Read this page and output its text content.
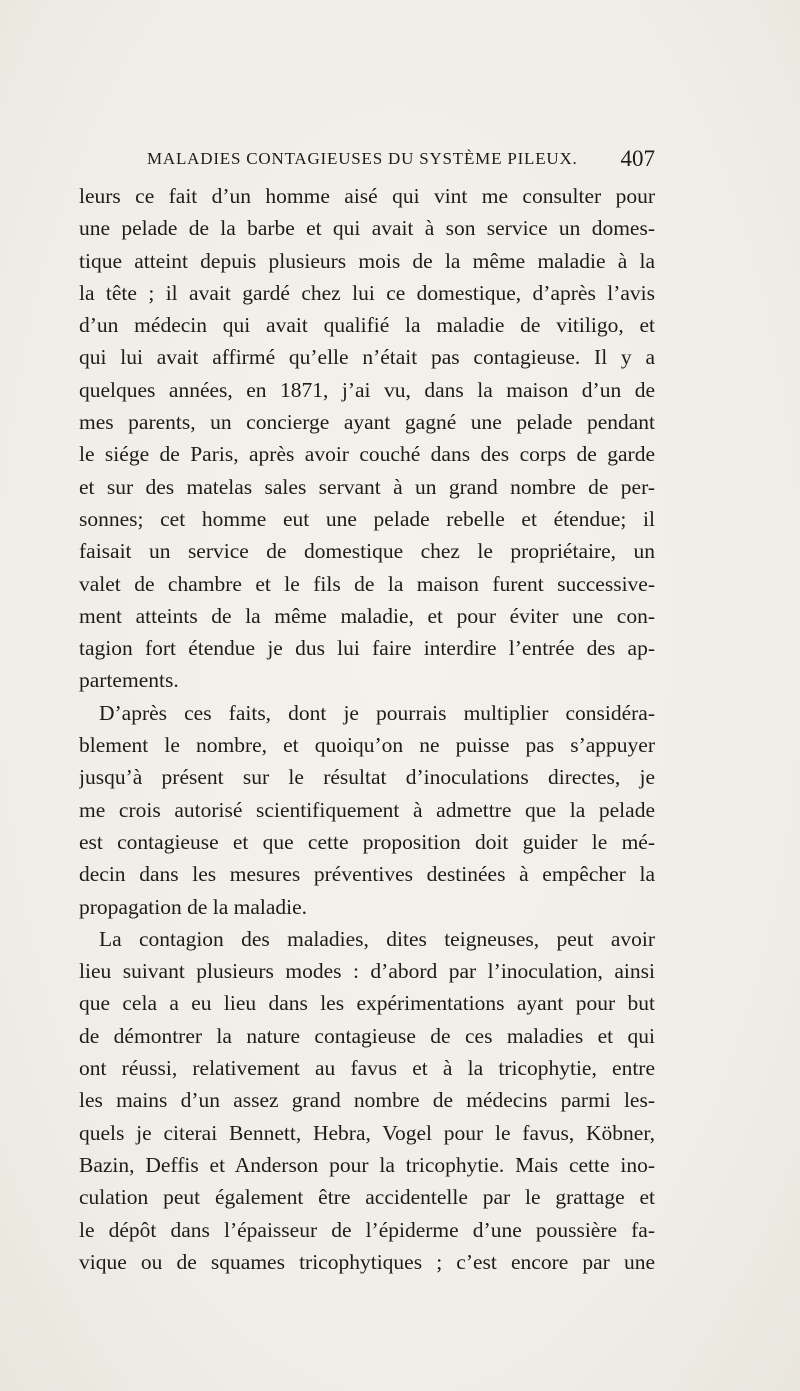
MALADIES CONTAGIEUSES DU SYSTÈME PILEUX. 407
leurs ce fait d’un homme aisé qui vint me consulter pour
une pelade de la barbe et qui avait à son service un domes-
tique atteint depuis plusieurs mois de la même maladie à la
la tête ; il avait gardé chez lui ce domestique, d’après l’avis
d’un médecin qui avait qualifié la maladie de vitiligo, et
qui lui avait affirmé qu’elle n’était pas contagieuse. Il y a
quelques années, en 1871, j’ai vu, dans la maison d’un de
mes parents, un concierge ayant gagné une pelade pendant
le siége de Paris, après avoir couché dans des corps de garde
et sur des matelas sales servant à un grand nombre de per-
sonnes; cet homme eut une pelade rebelle et étendue; il
faisait un service de domestique chez le propriétaire, un
valet de chambre et le fils de la maison furent successive-
ment atteints de la même maladie, et pour éviter une con-
tagion fort étendue je dus lui faire interdire l’entrée des ap-
partements.
D’après ces faits, dont je pourrais multiplier considéra-
blement le nombre, et quoiqu’on ne puisse pas s’appuyer
jusqu’à présent sur le résultat d’inoculations directes, je
me crois autorisé scientifiquement à admettre que la pelade
est contagieuse et que cette proposition doit guider le mé-
decin dans les mesures préventives destinées à empêcher la
propagation de la maladie.
La contagion des maladies, dites teigneuses, peut avoir
lieu suivant plusieurs modes : d’abord par l’inoculation, ainsi
que cela a eu lieu dans les expérimentations ayant pour but
de démontrer la nature contagieuse de ces maladies et qui
ont réussi, relativement au favus et à la tricophytie, entre
les mains d’un assez grand nombre de médecins parmi les-
quels je citerai Bennett, Hebra, Vogel pour le favus, Köbner,
Bazin, Deffis et Anderson pour la tricophytie. Mais cette ino-
culation peut également être accidentelle par le grattage et
le dépôt dans l’épaisseur de l’épiderme d’une poussière fa-
vique ou de squames tricophytiques ; c’est encore par une
